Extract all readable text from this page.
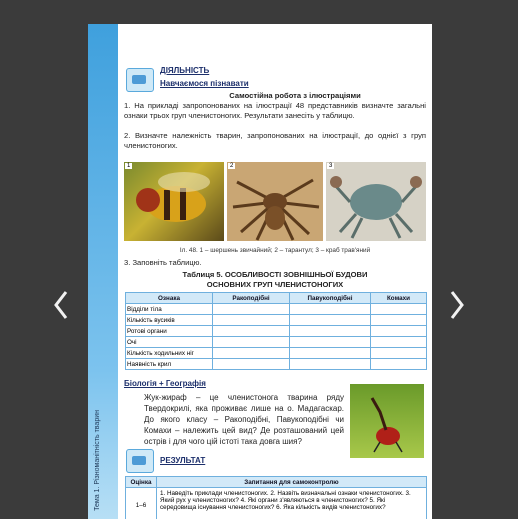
Тема 1. Різноманітність тварин
ДІЯЛЬНІСТЬ
Навчаємося пізнавати
Самостійна робота з ілюстраціями
1. На прикладі запропонованих на ілюстрації 48 представників визначте загальні ознаки трьох груп членистоногих. Результати занесіть у таблицю.
2. Визначте належність тварин, запропонованих на ілюстрації, до однієї з груп членистоногих.
1	2	3
Іл. 48. 1 – шершень звичайний; 2 – тарантул; 3 – краб трав'яний
3. Заповніть таблицю.
Таблиця 5. ОСОБЛИВОСТІ ЗОВНІШНЬОЇ БУДОВИ
ОСНОВНИХ ГРУП ЧЛЕНИСТОНОГИХ
Ознака	Ракоподібні	Павукоподібні	Комахи
Відділи тіла			
Кількість вусиків			
Ротові органи			
Очі			
Кількість ходильних ніг			
Наявність крил			
Біологія + Географія
Жук-жираф – це членистонога тварина ряду Твердокрилі, яка проживає лише на о. Мадагаскар. До якого класу – Ракоподібні, Павукоподібні чи Комахи – належить цей вид? Де розташований цей острів і для чого цій істоті така довга шия?
РЕЗУЛЬТАТ
Оцінка	Запитання для самоконтролю
1–6	1. Наведіть приклади членистоногих. 2. Назвіть визначальні ознаки членистоногих. 3. Який рух у членистоногих? 4. Які органи з'являються в членистоногих? 5. Які середовища існування членистоногих? 6. Яка кількість видів членистоногих?
